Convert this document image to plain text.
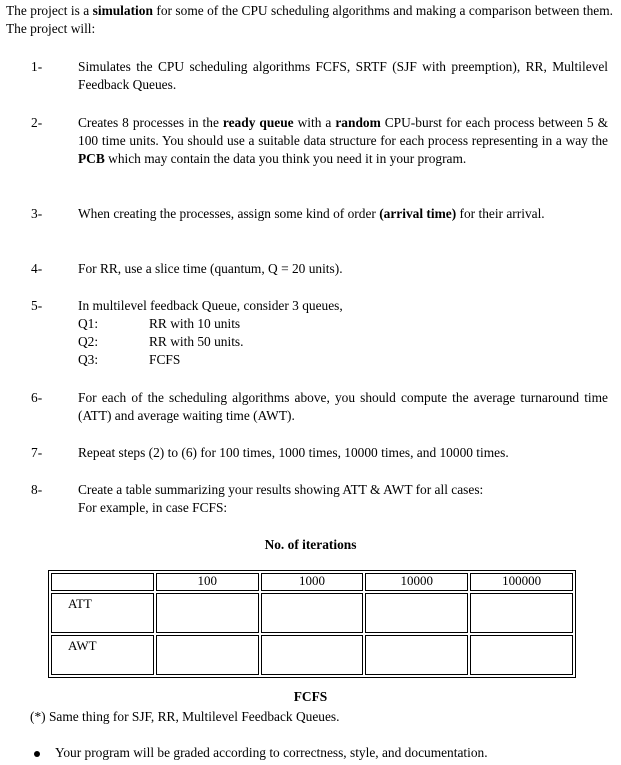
The project is a simulation for some of the CPU scheduling algorithms and making a comparison between them. The project will:
1-	Simulates the CPU scheduling algorithms FCFS, SRTF (SJF with preemption), RR, Multilevel Feedback Queues.
2-	Creates 8 processes in the ready queue with a random CPU-burst for each process between 5 & 100 time units. You should use a suitable data structure for each process representing in a way the PCB which may contain the data you think you need it in your program.
3-	When creating the processes, assign some kind of order (arrival time) for their arrival.
4-	For RR, use a slice time (quantum, Q = 20 units).
5-	In multilevel feedback Queue, consider 3 queues,

Q1:	RR with 10 units
Q2:	RR with 50 units.
Q3:	FCFS
6-	For each of the scheduling algorithms above, you should compute the average turnaround time (ATT) and average waiting time (AWT).
7-	Repeat steps (2) to (6) for 100 times, 1000 times, 10000 times, and 10000 times.
8-	Create a table summarizing your results showing ATT & AWT for all cases:

For example, in case FCFS:

No. of iterations
	100	1000	10000	100000
ATT				
AWT				
FCFS
(*) Same thing for SJF, RR, Multilevel Feedback Queues.
Your program will be graded according to correctness, style, and documentation.
